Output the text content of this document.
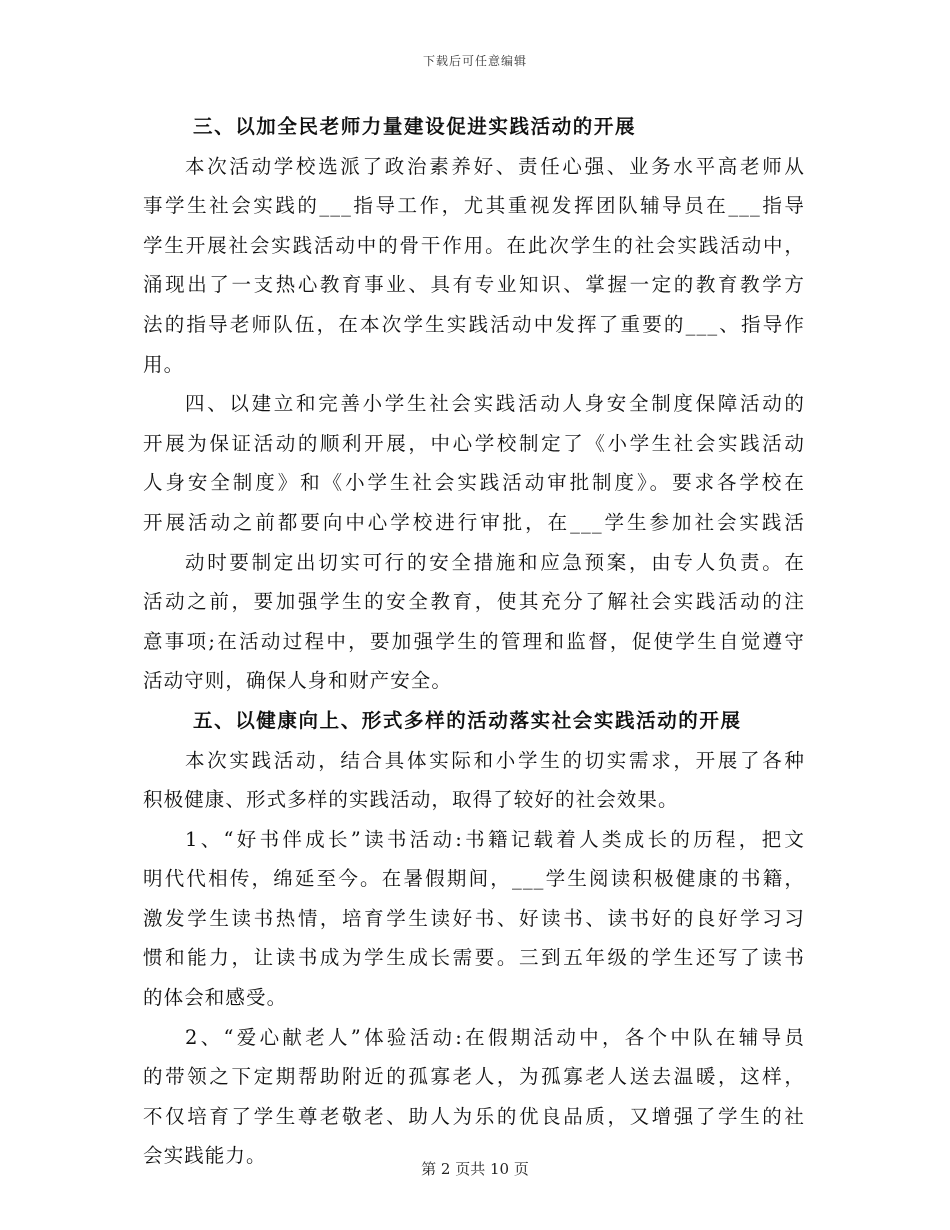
下载后可任意编辑
三、以加全民老师力量建设促进实践活动的开展
本次活动学校选派了政治素养好、责任心强、业务水平高老师从
事学生社会实践的___指导工作，尤其重视发挥团队辅导员在___指导
学生开展社会实践活动中的骨干作用。在此次学生的社会实践活动中，
涌现出了一支热心教育事业、具有专业知识、掌握一定的教育教学方
法的指导老师队伍，在本次学生实践活动中发挥了重要的___、指导作
用。
四、以建立和完善小学生社会实践活动人身安全制度保障活动的
开展为保证活动的顺利开展，中心学校制定了《小学生社会实践活动
人身安全制度》和《小学生社会实践活动审批制度》。要求各学校在
开展活动之前都要向中心学校进行审批，在___学生参加社会实践活
动时要制定出切实可行的安全措施和应急预案，由专人负责。在
活动之前，要加强学生的安全教育，使其充分了解社会实践活动的注
意事项;在活动过程中，要加强学生的管理和监督，促使学生自觉遵守
活动守则，确保人身和财产安全。
五、以健康向上、形式多样的活动落实社会实践活动的开展
本次实践活动，结合具体实际和小学生的切实需求，开展了各种
积极健康、形式多样的实践活动，取得了较好的社会效果。
1、“好书伴成长”读书活动:书籍记载着人类成长的历程，把文
明代代相传，绵延至今。在暑假期间，___学生阅读积极健康的书籍，
激发学生读书热情，培育学生读好书、好读书、读书好的良好学习习
惯和能力，让读书成为学生成长需要。三到五年级的学生还写了读书
的体会和感受。
2、“爱心献老人”体验活动:在假期活动中，各个中队在辅导员
的带领之下定期帮助附近的孤寡老人，为孤寡老人送去温暖，这样，
不仅培育了学生尊老敬老、助人为乐的优良品质，又增强了学生的社
会实践能力。
第 2 页共 10 页
